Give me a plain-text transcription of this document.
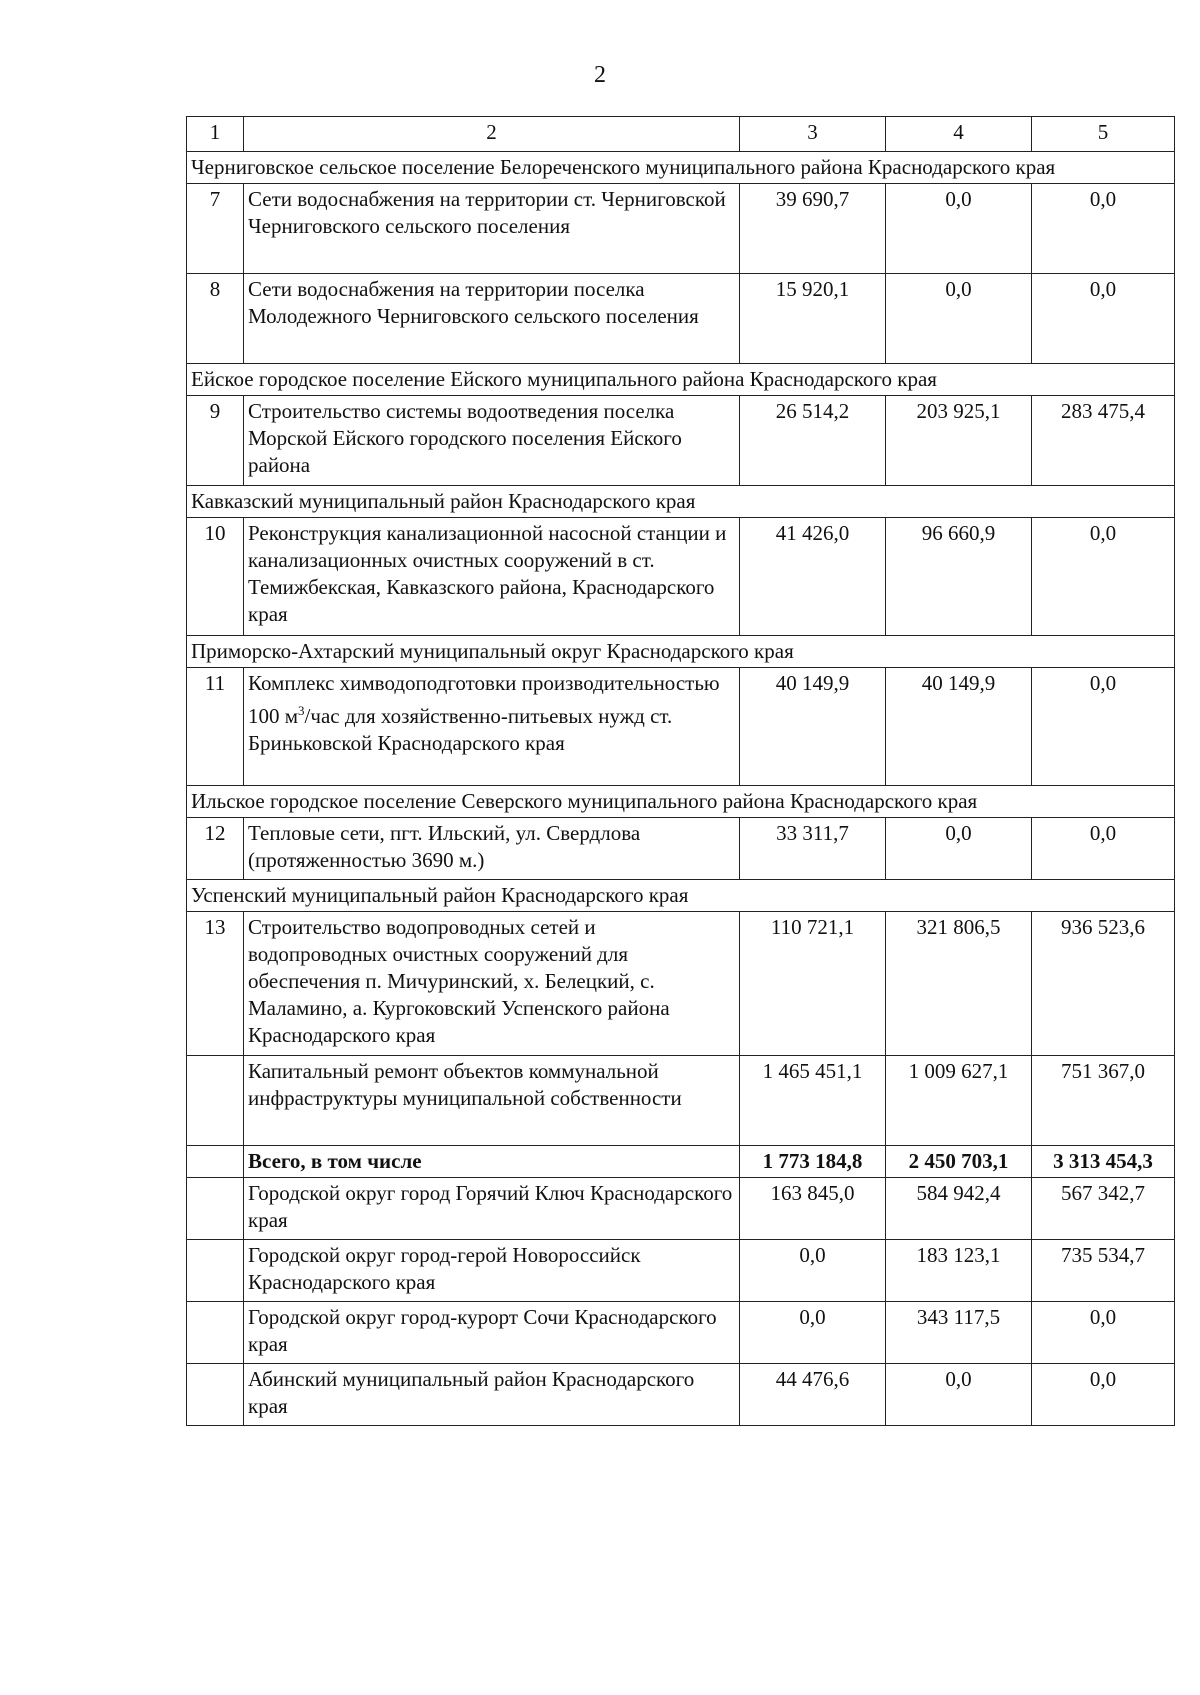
2
1	2	3	4	5
Черниговское сельское поселение Белореченского муниципального района Краснодарского края				
7	Сети водоснабжения на территории ст. Черниговской Черниговского сельского поселения	39 690,7	0,0	0,0
8	Сети водоснабжения на территории поселка Молодежного Черниговского сельского поселения	15 920,1	0,0	0,0
Ейское городское поселение Ейского муниципального района Краснодарского края				
9	Строительство системы водоотведения поселка Морской Ейского городского поселения Ейского района	26 514,2	203 925,1	283 475,4
Кавказский муниципальный район Краснодарского края				
10	Реконструкция канализационной насосной станции и канализационных очистных сооружений в ст. Темижбекская, Кавказского района, Краснодарского края	41 426,0	96 660,9	0,0
Приморско-Ахтарский муниципальный округ Краснодарского края				
11	Комплекс химводоподготовки производительностью 100 $м^3$/час для хозяйственно-питьевых нужд ст. Бриньковской Краснодарского края	40 149,9	40 149,9	0,0
Ильское городское поселение Северского муниципального района Краснодарского края				
12	Тепловые сети, пгт. Ильский, ул. Свердлова (протяженностью 3690 м.)	33 311,7	0,0	0,0
Успенский муниципальный район Краснодарского края				
13	Строительство водопроводных сетей и водопроводных очистных сооружений для обеспечения п. Мичуринский, х. Белецкий, с. Маламино, а. Кургоковский Успенского района Краснодарского края	110 721,1	321 806,5	936 523,6
	Капитальный ремонт объектов коммунальной инфраструктуры муниципальной собственности	1 465 451,1	1 009 627,1	751 367,0
	Всего, в том числе	1 773 184,8	2 450 703,1	3 313 454,3
	Городской округ город Горячий Ключ Краснодарского края	163 845,0	584 942,4	567 342,7
	Городской округ город-герой Новороссийск Краснодарского края	0,0	183 123,1	735 534,7
	Городской округ город-курорт Сочи Краснодарского края	0,0	343 117,5	0,0
	Абинский муниципальный район Краснодарского края	44 476,6	0,0	0,0
